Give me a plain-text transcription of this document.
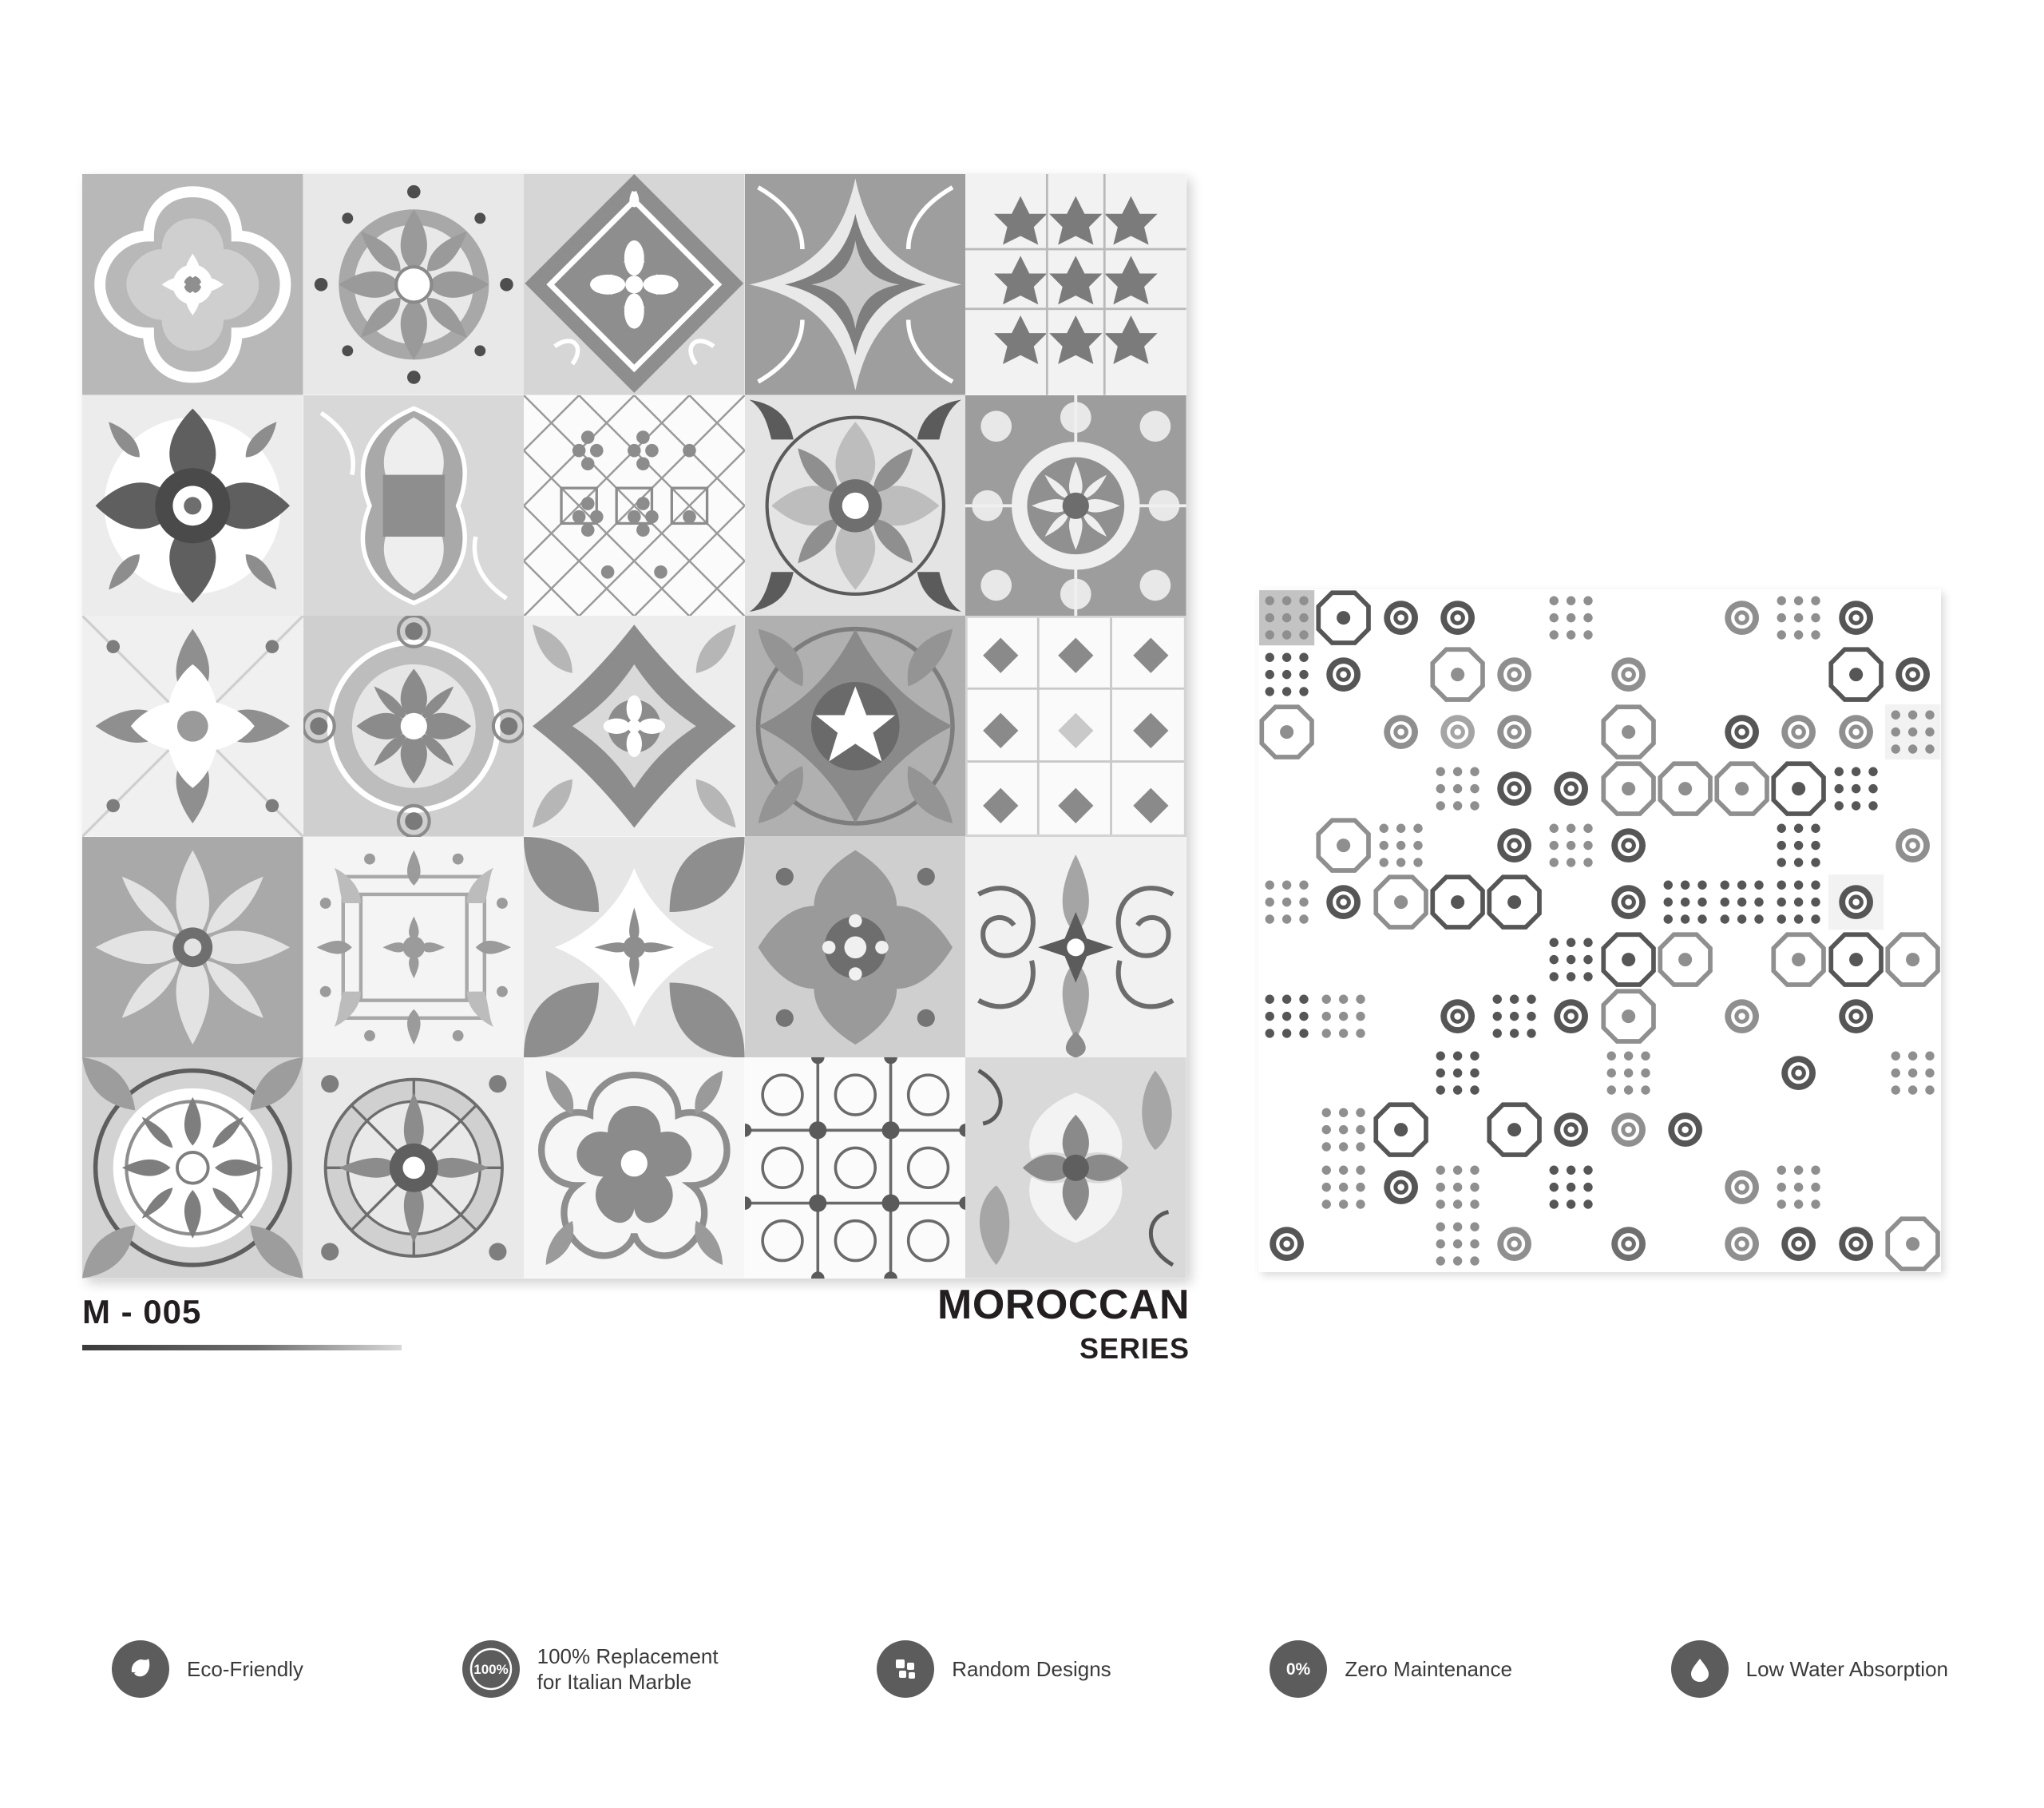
M - 005	MOROCCAN
SERIES
Eco-Friendly	100%
100% Replacement
for Italian Marble
Random Designs	0% Zero Maintenance	Low Water Absorption
